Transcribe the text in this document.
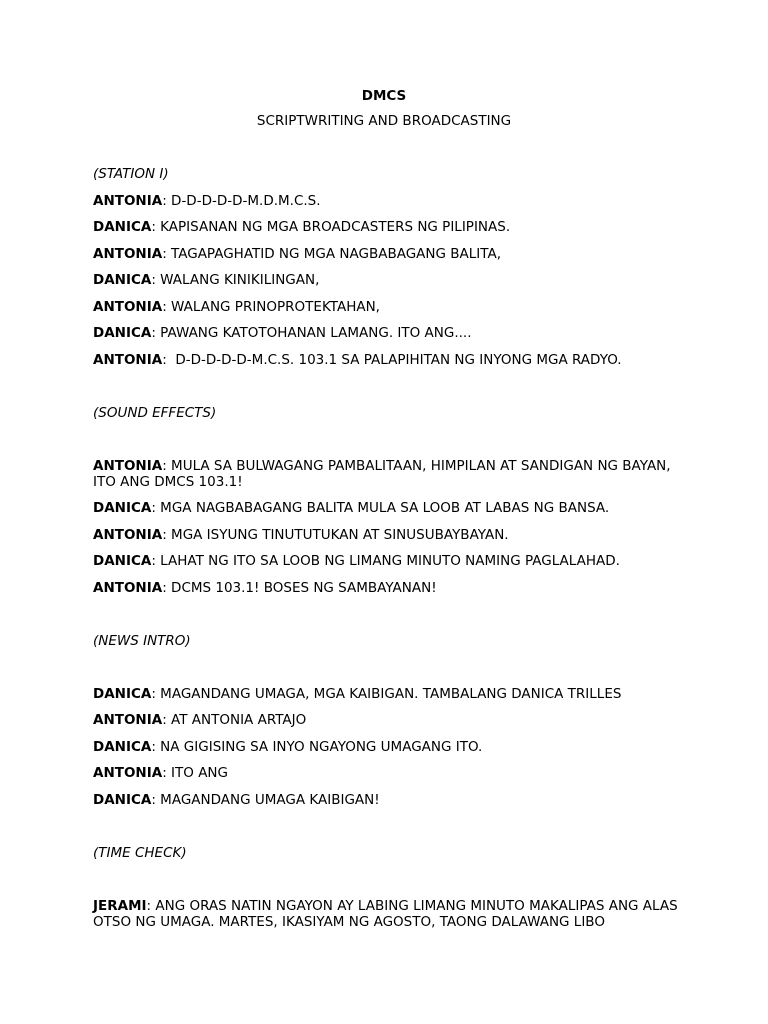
DMCS
SCRIPTWRITING AND BROADCASTING
(STATION I)
ANTONIA: D-D-D-D-D-M.D.M.C.S.
DANICA: KAPISANAN NG MGA BROADCASTERS NG PILIPINAS.
ANTONIA: TAGAPAGHATID NG MGA NAGBABAGANG BALITA,
DANICA: WALANG KINIKILINGAN,
ANTONIA: WALANG PRINOPROTEKTAHAN,
DANICA: PAWANG KATOTOHANAN LAMANG. ITO ANG....
ANTONIA:  D-D-D-D-D-M.C.S. 103.1 SA PALAPIHITAN NG INYONG MGA RADYO.
(SOUND EFFECTS)
ANTONIA: MULA SA BULWAGANG PAMBALITAAN, HIMPILAN AT SANDIGAN NG BAYAN, ITO ANG DMCS 103.1!
DANICA: MGA NAGBABAGANG BALITA MULA SA LOOB AT LABAS NG BANSA.
ANTONIA: MGA ISYUNG TINUTUTUKAN AT SINUSUBAYBAYAN.
DANICA: LAHAT NG ITO SA LOOB NG LIMANG MINUTO NAMING PAGLALAHAD.
ANTONIA: DCMS 103.1! BOSES NG SAMBAYANAN!
(NEWS INTRO)
DANICA: MAGANDANG UMAGA, MGA KAIBIGAN. TAMBALANG DANICA TRILLES
ANTONIA: AT ANTONIA ARTAJO
DANICA: NA GIGISING SA INYO NGAYONG UMAGANG ITO.
ANTONIA: ITO ANG
DANICA: MAGANDANG UMAGA KAIBIGAN!
(TIME CHECK)
JERAMI: ANG ORAS NATIN NGAYON AY LABING LIMANG MINUTO MAKALIPAS ANG ALAS OTSO NG UMAGA. MARTES, IKASIYAM NG AGOSTO, TAONG DALAWANG LIBO
